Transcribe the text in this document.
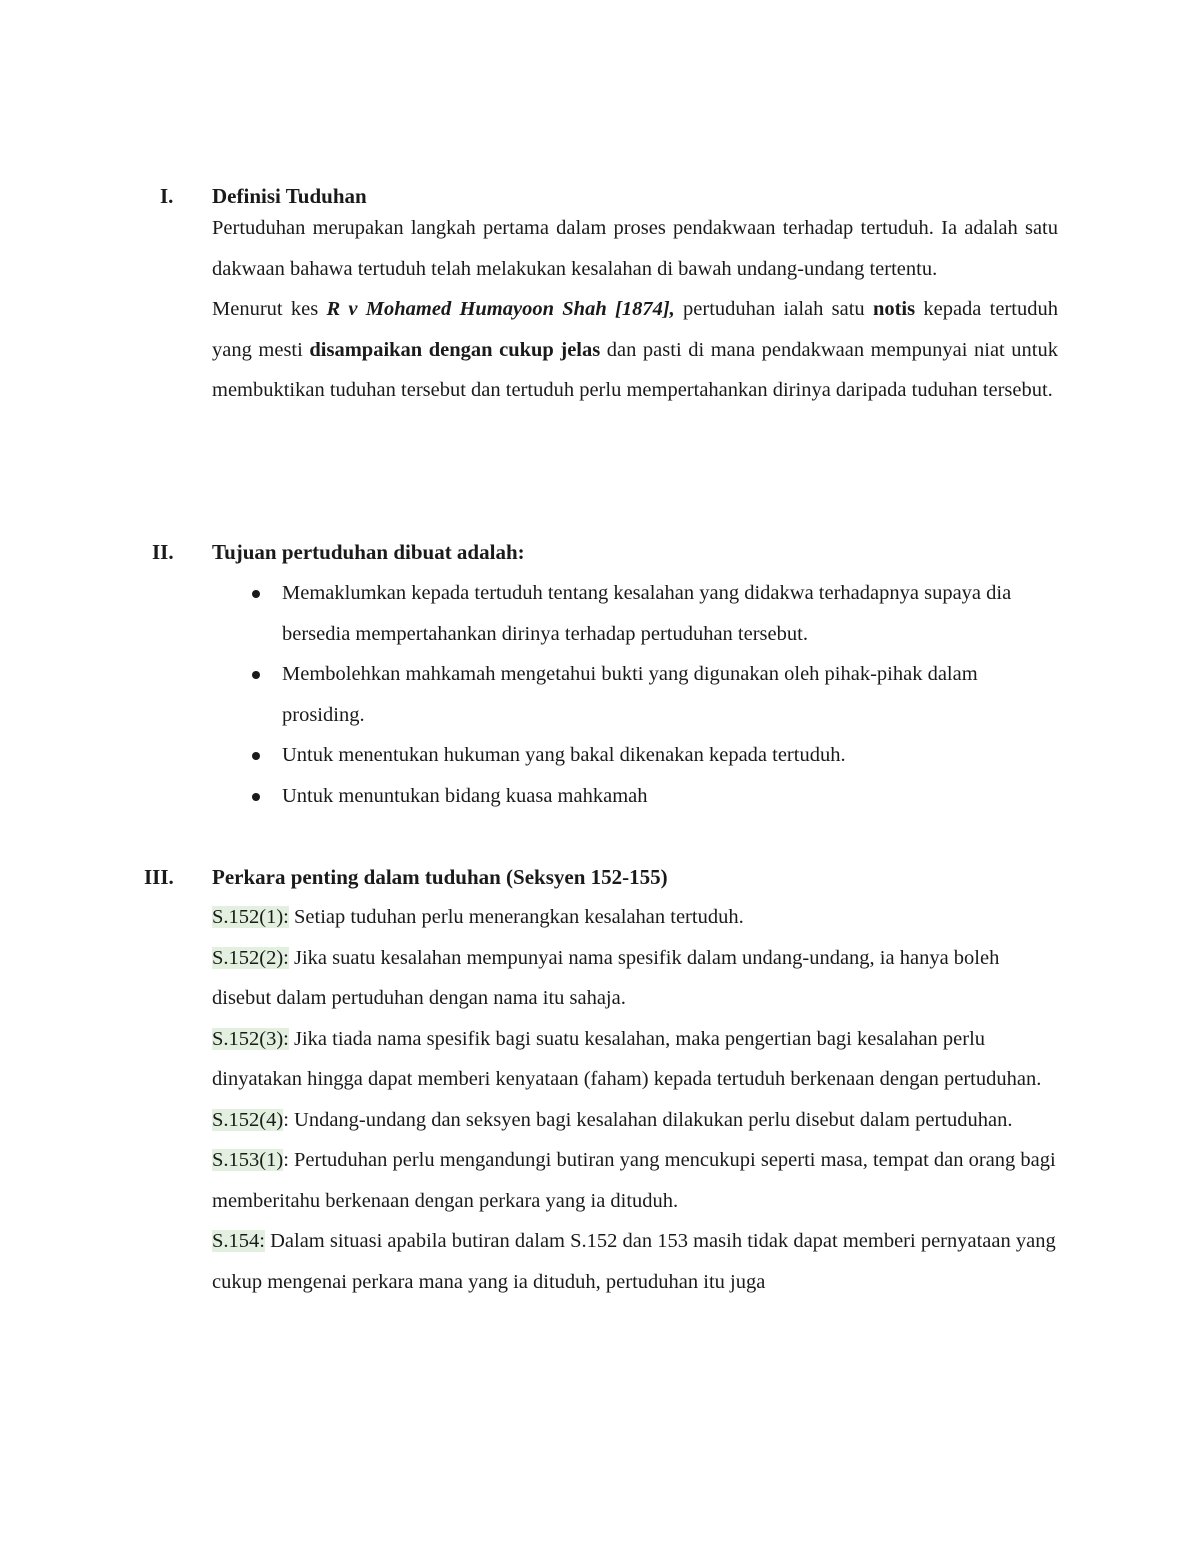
I. Definisi Tuduhan

Pertuduhan merupakan langkah pertama dalam proses pendakwaan terhadap tertuduh. Ia adalah satu dakwaan bahawa tertuduh telah melakukan kesalahan di bawah undang-undang tertentu.

Menurut kes R v Mohamed Humayoon Shah [1874], pertuduhan ialah satu notis kepada tertuduh yang mesti disampaikan dengan cukup jelas dan pasti di mana pendakwaan mempunyai niat untuk membuktikan tuduhan tersebut dan tertuduh perlu mempertahankan dirinya daripada tuduhan tersebut.

II. Tujuan pertuduhan dibuat adalah:
Memaklumkan kepada tertuduh tentang kesalahan yang didakwa terhadapnya supaya dia bersedia mempertahankan dirinya terhadap pertuduhan tersebut.
Membolehkan mahkamah mengetahui bukti yang digunakan oleh pihak-pihak dalam prosiding.
Untuk menentukan hukuman yang bakal dikenakan kepada tertuduh.
Untuk menuntukan bidang kuasa mahkamah
III. Perkara penting dalam tuduhan (Seksyen 152-155)

S.152(1): Setiap tuduhan perlu menerangkan kesalahan tertuduh.

S.152(2): Jika suatu kesalahan mempunyai nama spesifik dalam undang-undang, ia hanya boleh disebut dalam pertuduhan dengan nama itu sahaja.

S.152(3): Jika tiada nama spesifik bagi suatu kesalahan, maka pengertian bagi kesalahan perlu dinyatakan hingga dapat memberi kenyataan (faham) kepada tertuduh berkenaan dengan pertuduhan.

S.152(4): Undang-undang dan seksyen bagi kesalahan dilakukan perlu disebut dalam pertuduhan.

S.153(1): Pertuduhan perlu mengandungi butiran yang mencukupi seperti masa, tempat dan orang bagi memberitahu berkenaan dengan perkara yang ia dituduh.

S.154: Dalam situasi apabila butiran dalam S.152 dan 153 masih tidak dapat memberi pernyataan yang cukup mengenai perkara mana yang ia dituduh, pertuduhan itu juga
